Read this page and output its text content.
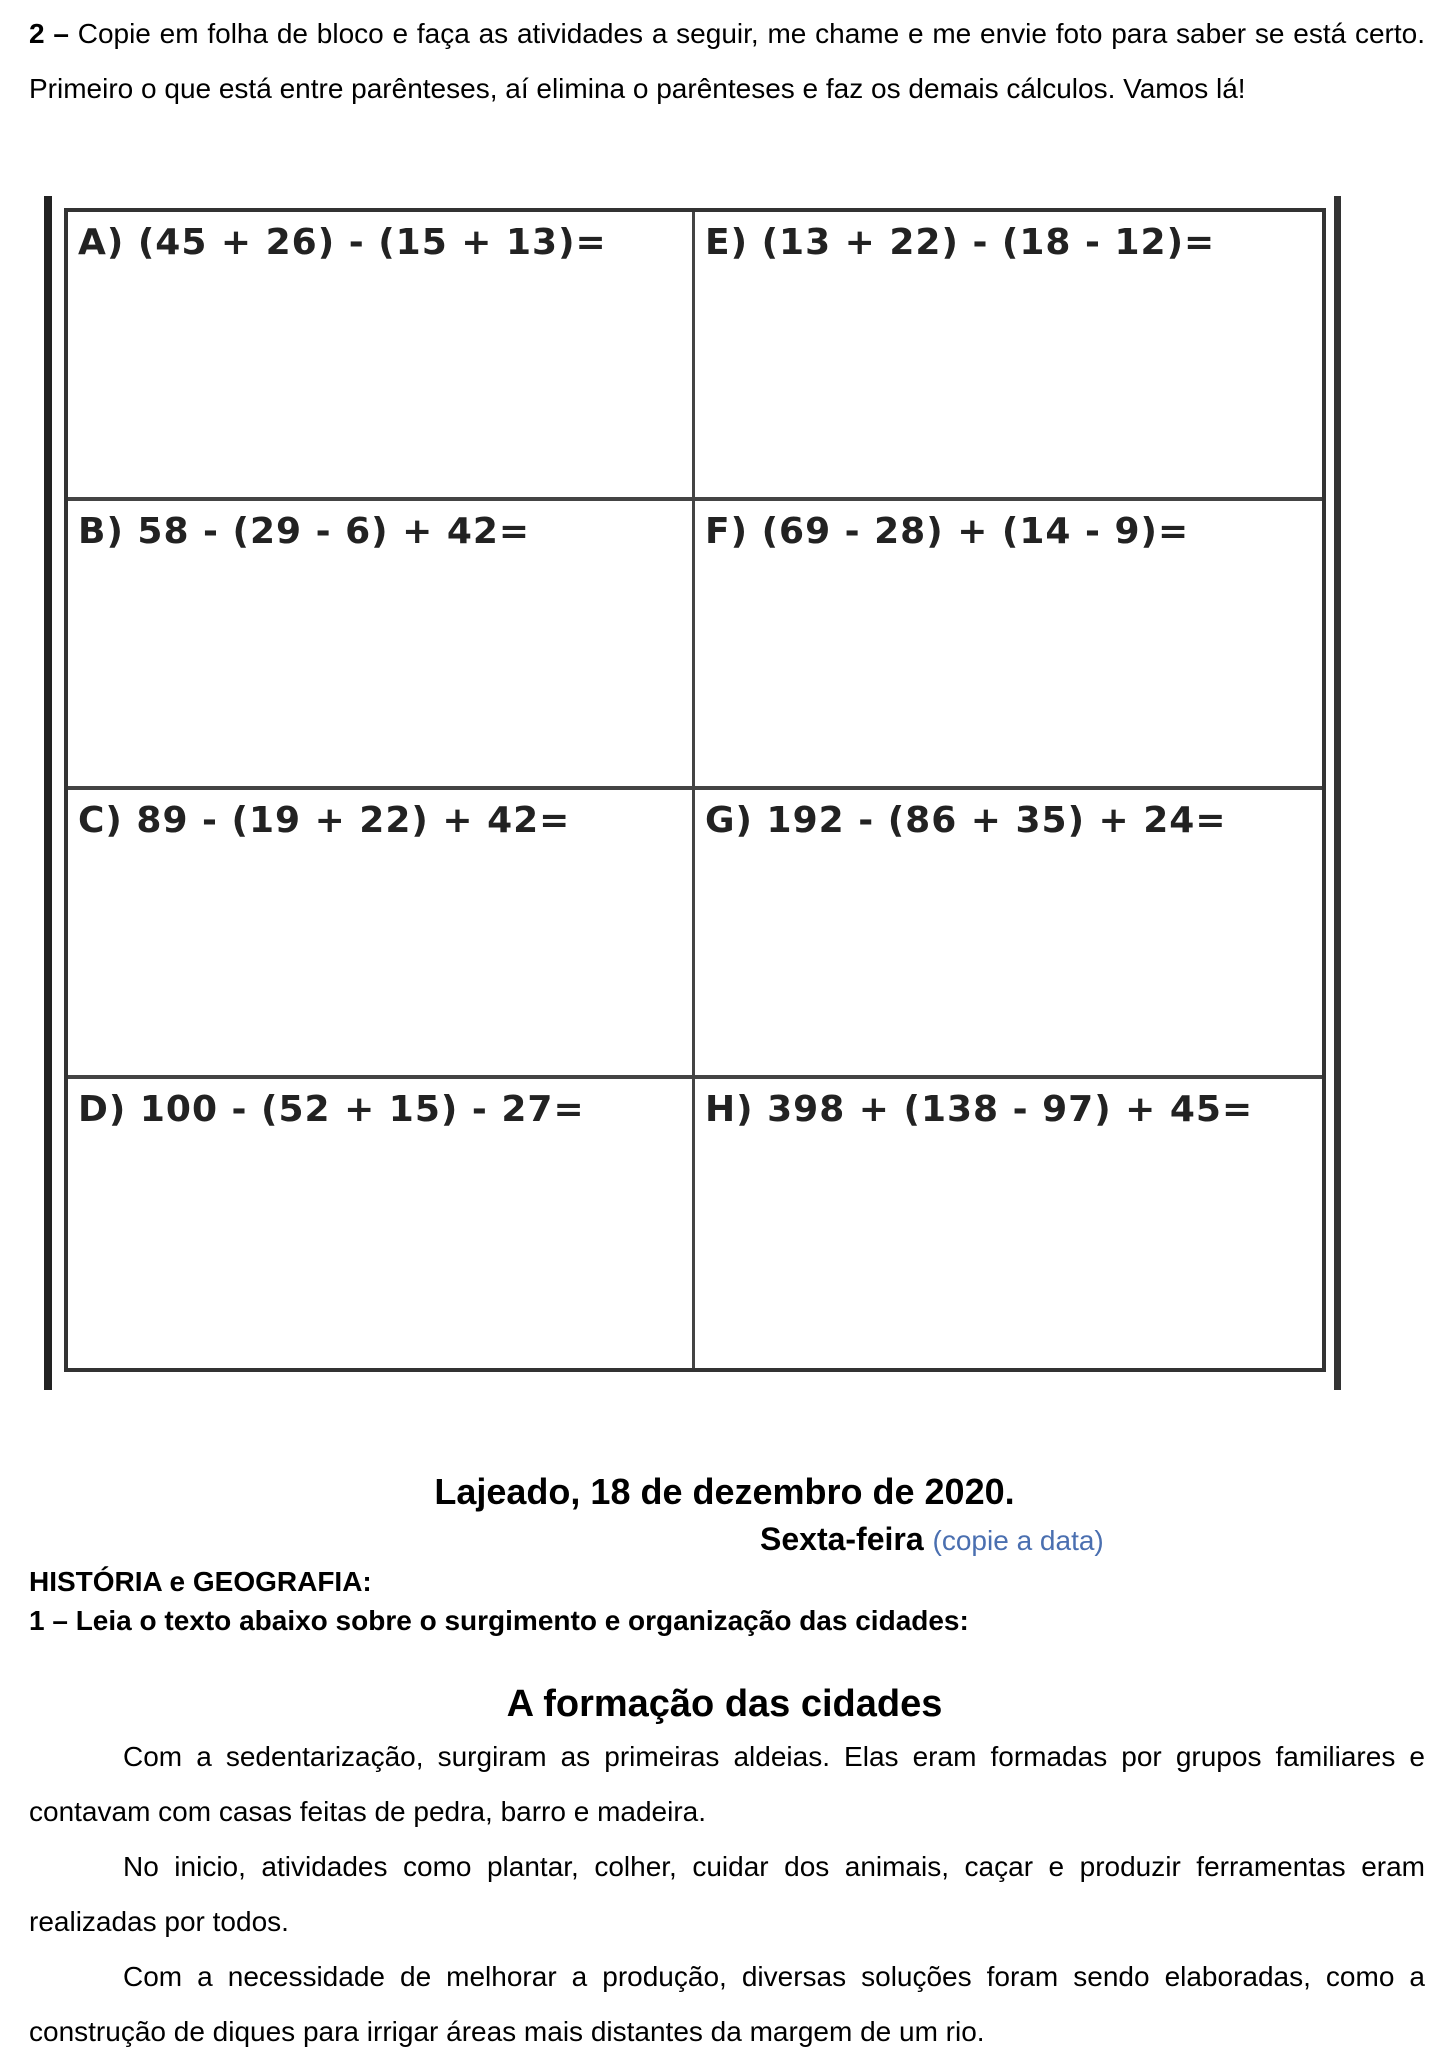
2 – Copie em folha de bloco e faça as atividades a seguir, me chame e me envie foto para saber se está certo. Primeiro o que está entre parênteses, aí elimina o parênteses e faz os demais cálculos. Vamos lá!
A) (45 + 26) - (15 + 13)=	E) (13 + 22) - (18 - 12)=
B) 58 - (29 - 6) + 42=	F) (69 - 28) + (14 - 9)=
C) 89 - (19 + 22) + 42=	G) 192 - (86 + 35) + 24=
D) 100 - (52 + 15) - 27=	H) 398 + (138 - 97) + 45=
Lajeado, 18 de dezembro de 2020.
Sexta-feira (copie a data)
HISTÓRIA e GEOGRAFIA:
1 – Leia o texto abaixo sobre o surgimento e organização das cidades:
A formação das cidades

Com a sedentarização, surgiram as primeiras aldeias. Elas eram formadas por grupos familiares e contavam com casas feitas de pedra, barro e madeira.

No inicio, atividades como plantar, colher, cuidar dos animais, caçar e produzir ferramentas eram realizadas por todos.

Com a necessidade de melhorar a produção, diversas soluções foram sendo elaboradas, como a construção de diques para irrigar áreas mais distantes da margem de um rio.
